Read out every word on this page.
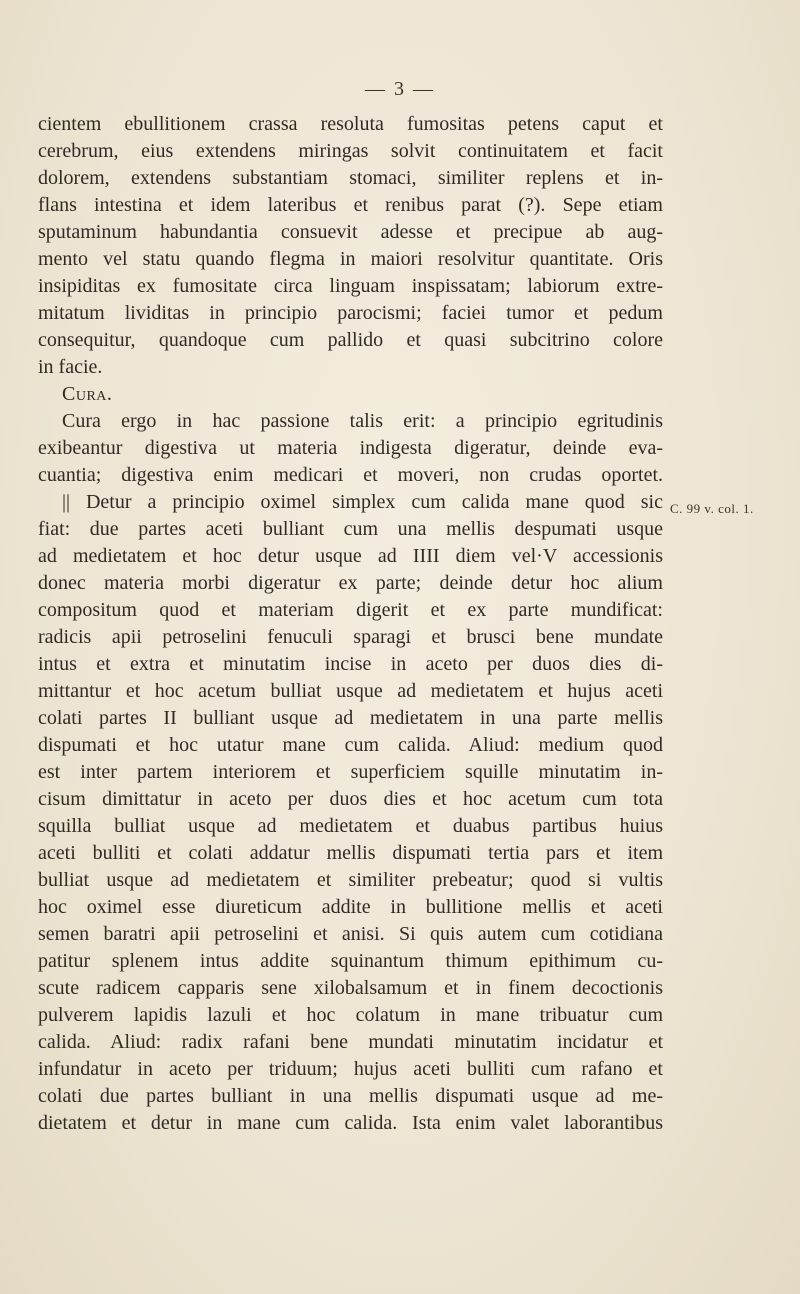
— 3 —
cientem ebullitionem crassa resoluta fumositas petens caput et
cerebrum, eius extendens miringas solvit continuitatem et facit
dolorem, extendens substantiam stomaci, similiter replens et in-
flans intestina et idem lateribus et renibus parat (?). Sepe etiam
sputaminum habundantia consuevit adesse et precipue ab aug-
mento vel statu quando flegma in maiori resolvitur quantitate. Oris
insipiditas ex fumositate circa linguam inspissatam; labiorum extre-
mitatum lividitas in principio parocismi; faciei tumor et pedum
consequitur, quandoque cum pallido et quasi subcitrino colore
in facie.
Cura.
Cura ergo in hac passione talis erit: a principio egritudinis
exibeantur digestiva ut materia indigesta digeratur, deinde eva-
cuantia; digestiva enim medicari et moveri, non crudas oportet.
|| Detur a principio oximel simplex cum calida mane quod sic
fiat: due partes aceti bulliant cum una mellis despumati usque
ad medietatem et hoc detur usque ad IIII diem vel·V accessionis
donec materia morbi digeratur ex parte; deinde detur hoc alium
compositum quod et materiam digerit et ex parte mundificat:
radicis apii petroselini fenuculi sparagi et brusci bene mundate
intus et extra et minutatim incise in aceto per duos dies di-
mittantur et hoc acetum bulliat usque ad medietatem et hujus aceti
colati partes II bulliant usque ad medietatem in una parte mellis
dispumati et hoc utatur mane cum calida. Aliud: medium quod
est inter partem interiorem et superficiem squille minutatim in-
cisum dimittatur in aceto per duos dies et hoc acetum cum tota
squilla bulliat usque ad medietatem et duabus partibus huius
aceti bulliti et colati addatur mellis dispumati tertia pars et item
bulliat usque ad medietatem et similiter prebeatur; quod si vultis
hoc oximel esse diureticum addite in bullitione mellis et aceti
semen baratri apii petroselini et anisi. Si quis autem cum cotidiana
patitur splenem intus addite squinantum thimum epithimum cu-
scute radicem capparis sene xilobalsamum et in finem decoctionis
pulverem lapidis lazuli et hoc colatum in mane tribuatur cum
calida. Aliud: radix rafani bene mundati minutatim incidatur et
infundatur in aceto per triduum; hujus aceti bulliti cum rafano et
colati due partes bulliant in una mellis dispumati usque ad me-
dietatem et detur in mane cum calida. Ista enim valet laborantibus
C. 99 v. col. 1.
